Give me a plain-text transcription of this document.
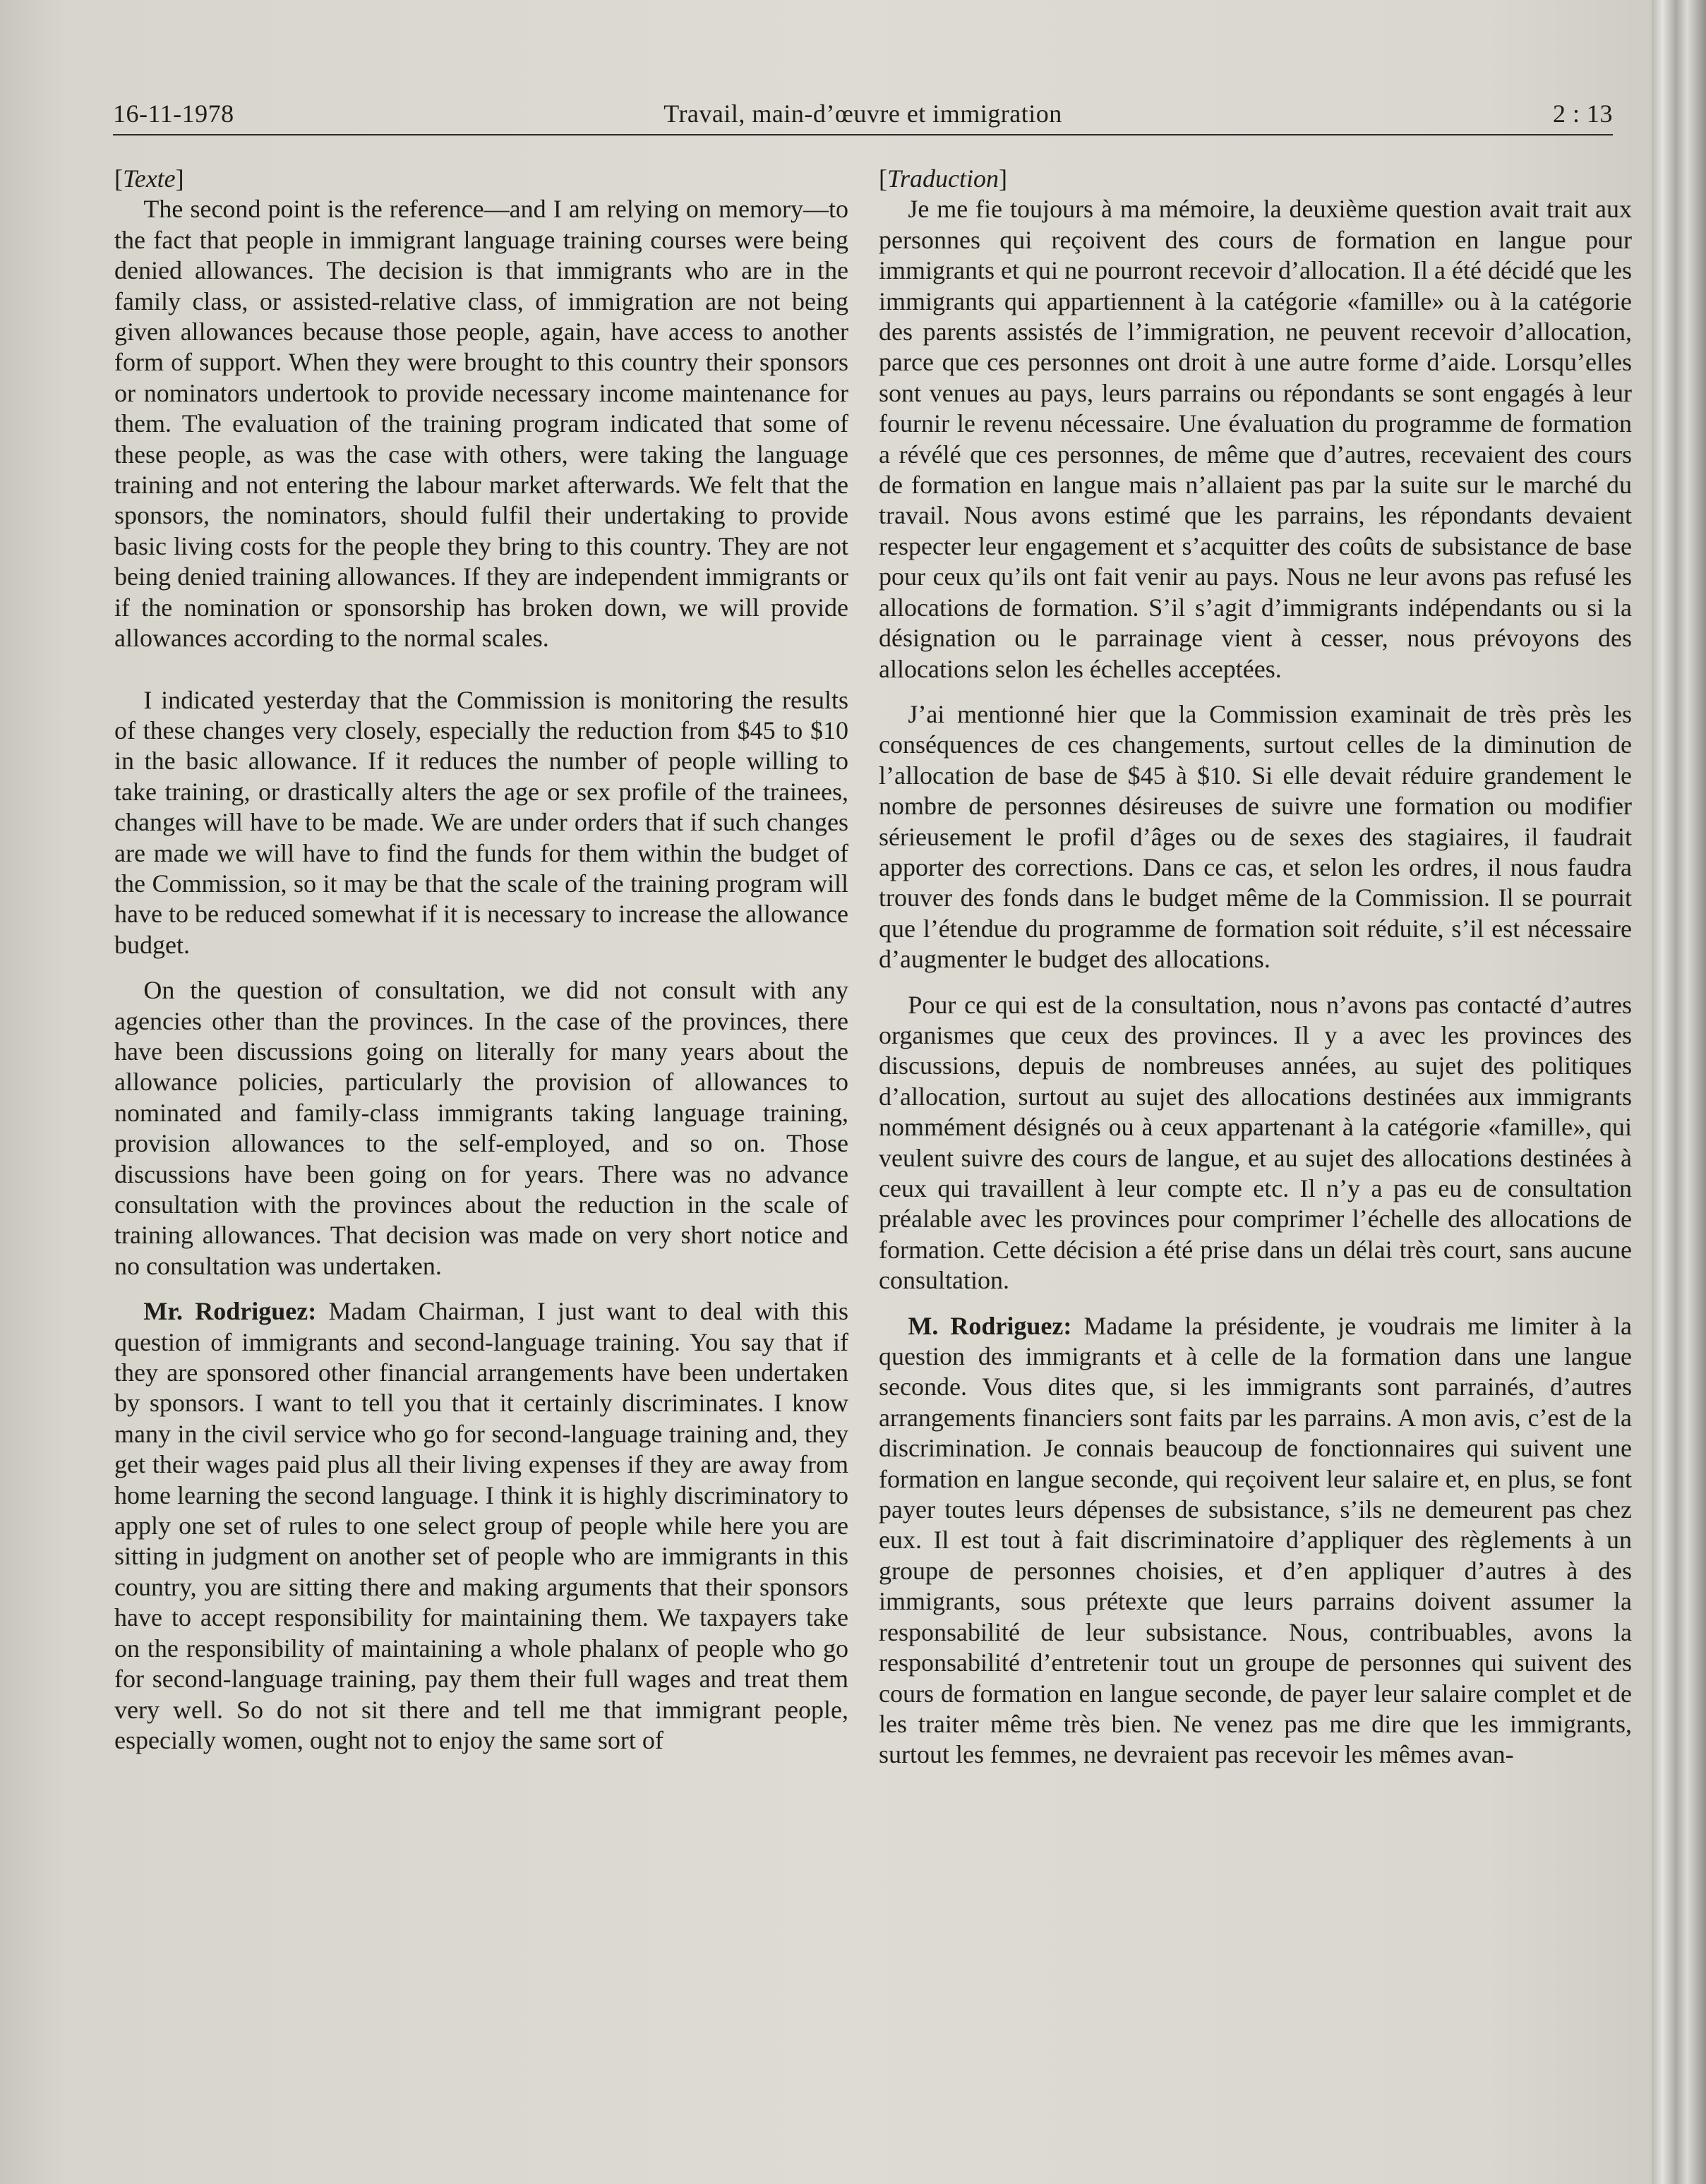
16-11-1978	Travail, main-d’œuvre et immigration	2 : 13

[Texte]

The second point is the reference—and I am relying on memory—to the fact that people in immigrant language training courses were being denied allowances. The decision is that immigrants who are in the family class, or assisted-relative class, of immigration are not being given allowances because those people, again, have access to another form of support. When they were brought to this country their sponsors or nominators undertook to provide necessary income maintenance for them. The evaluation of the training program indicated that some of these people, as was the case with others, were taking the language training and not entering the labour market afterwards. We felt that the sponsors, the nominators, should fulfil their undertaking to provide basic living costs for the people they bring to this country. They are not being denied training allowances. If they are independent immigrants or if the nomination or sponsorship has broken down, we will provide allowances according to the normal scales.

I indicated yesterday that the Commission is monitoring the results of these changes very closely, especially the reduction from $45 to $10 in the basic allowance. If it reduces the number of people willing to take training, or drastically alters the age or sex profile of the trainees, changes will have to be made. We are under orders that if such changes are made we will have to find the funds for them within the budget of the Commission, so it may be that the scale of the training program will have to be reduced somewhat if it is necessary to increase the allowance budget.

On the question of consultation, we did not consult with any agencies other than the provinces. In the case of the provinces, there have been discussions going on literally for many years about the allowance policies, particularly the provision of allowances to nominated and family-class immigrants taking language training, provision allowances to the self-employed, and so on. Those discussions have been going on for years. There was no advance consultation with the provinces about the reduction in the scale of training allowances. That decision was made on very short notice and no consultation was undertaken.

Mr. Rodriguez: Madam Chairman, I just want to deal with this question of immigrants and second-language training. You say that if they are sponsored other financial arrangements have been undertaken by sponsors. I want to tell you that it certainly discriminates. I know many in the civil service who go for second-language training and, they get their wages paid plus all their living expenses if they are away from home learning the second language. I think it is highly discriminatory to apply one set of rules to one select group of people while here you are sitting in judgment on another set of people who are immigrants in this country, you are sitting there and making arguments that their sponsors have to accept responsibility for maintaining them. We taxpayers take on the responsibility of maintaining a whole phalanx of people who go for second-language training, pay them their full wages and treat them very well. So do not sit there and tell me that immigrant people, especially women, ought not to enjoy the same sort of

[Traduction]

Je me fie toujours à ma mémoire, la deuxième question avait trait aux personnes qui reçoivent des cours de formation en langue pour immigrants et qui ne pourront recevoir d’allocation. Il a été décidé que les immigrants qui appartiennent à la catégorie «famille» ou à la catégorie des parents assistés de l’immigration, ne peuvent recevoir d’allocation, parce que ces personnes ont droit à une autre forme d’aide. Lorsqu’elles sont venues au pays, leurs parrains ou répondants se sont engagés à leur fournir le revenu nécessaire. Une évaluation du programme de formation a révélé que ces personnes, de même que d’autres, recevaient des cours de formation en langue mais n’allaient pas par la suite sur le marché du travail. Nous avons estimé que les parrains, les répondants devaient respecter leur engagement et s’acquitter des coûts de subsistance de base pour ceux qu’ils ont fait venir au pays. Nous ne leur avons pas refusé les allocations de formation. S’il s’agit d’immigrants indépendants ou si la désignation ou le parrainage vient à cesser, nous prévoyons des allocations selon les échelles acceptées.

J’ai mentionné hier que la Commission examinait de très près les conséquences de ces changements, surtout celles de la diminution de l’allocation de base de $45 à $10. Si elle devait réduire grandement le nombre de personnes désireuses de suivre une formation ou modifier sérieusement le profil d’âges ou de sexes des stagiaires, il faudrait apporter des corrections. Dans ce cas, et selon les ordres, il nous faudra trouver des fonds dans le budget même de la Commission. Il se pourrait que l’étendue du programme de formation soit réduite, s’il est nécessaire d’augmenter le budget des allocations.

Pour ce qui est de la consultation, nous n’avons pas contacté d’autres organismes que ceux des provinces. Il y a avec les provinces des discussions, depuis de nombreuses années, au sujet des politiques d’allocation, surtout au sujet des allocations destinées aux immigrants nommément désignés ou à ceux appartenant à la catégorie «famille», qui veulent suivre des cours de langue, et au sujet des allocations destinées à ceux qui travaillent à leur compte etc. Il n’y a pas eu de consultation préalable avec les provinces pour comprimer l’échelle des allocations de formation. Cette décision a été prise dans un délai très court, sans aucune consultation.

M. Rodriguez: Madame la présidente, je voudrais me limiter à la question des immigrants et à celle de la formation dans une langue seconde. Vous dites que, si les immigrants sont parrainés, d’autres arrangements financiers sont faits par les parrains. A mon avis, c’est de la discrimination. Je connais beaucoup de fonctionnaires qui suivent une formation en langue seconde, qui reçoivent leur salaire et, en plus, se font payer toutes leurs dépenses de subsistance, s’ils ne demeurent pas chez eux. Il est tout à fait discriminatoire d’appliquer des règlements à un groupe de personnes choisies, et d’en appliquer d’autres à des immigrants, sous prétexte que leurs parrains doivent assumer la responsabilité de leur subsistance. Nous, contribuables, avons la responsabilité d’entretenir tout un groupe de personnes qui suivent des cours de formation en langue seconde, de payer leur salaire complet et de les traiter même très bien. Ne venez pas me dire que les immigrants, surtout les femmes, ne devraient pas recevoir les mêmes avan-
